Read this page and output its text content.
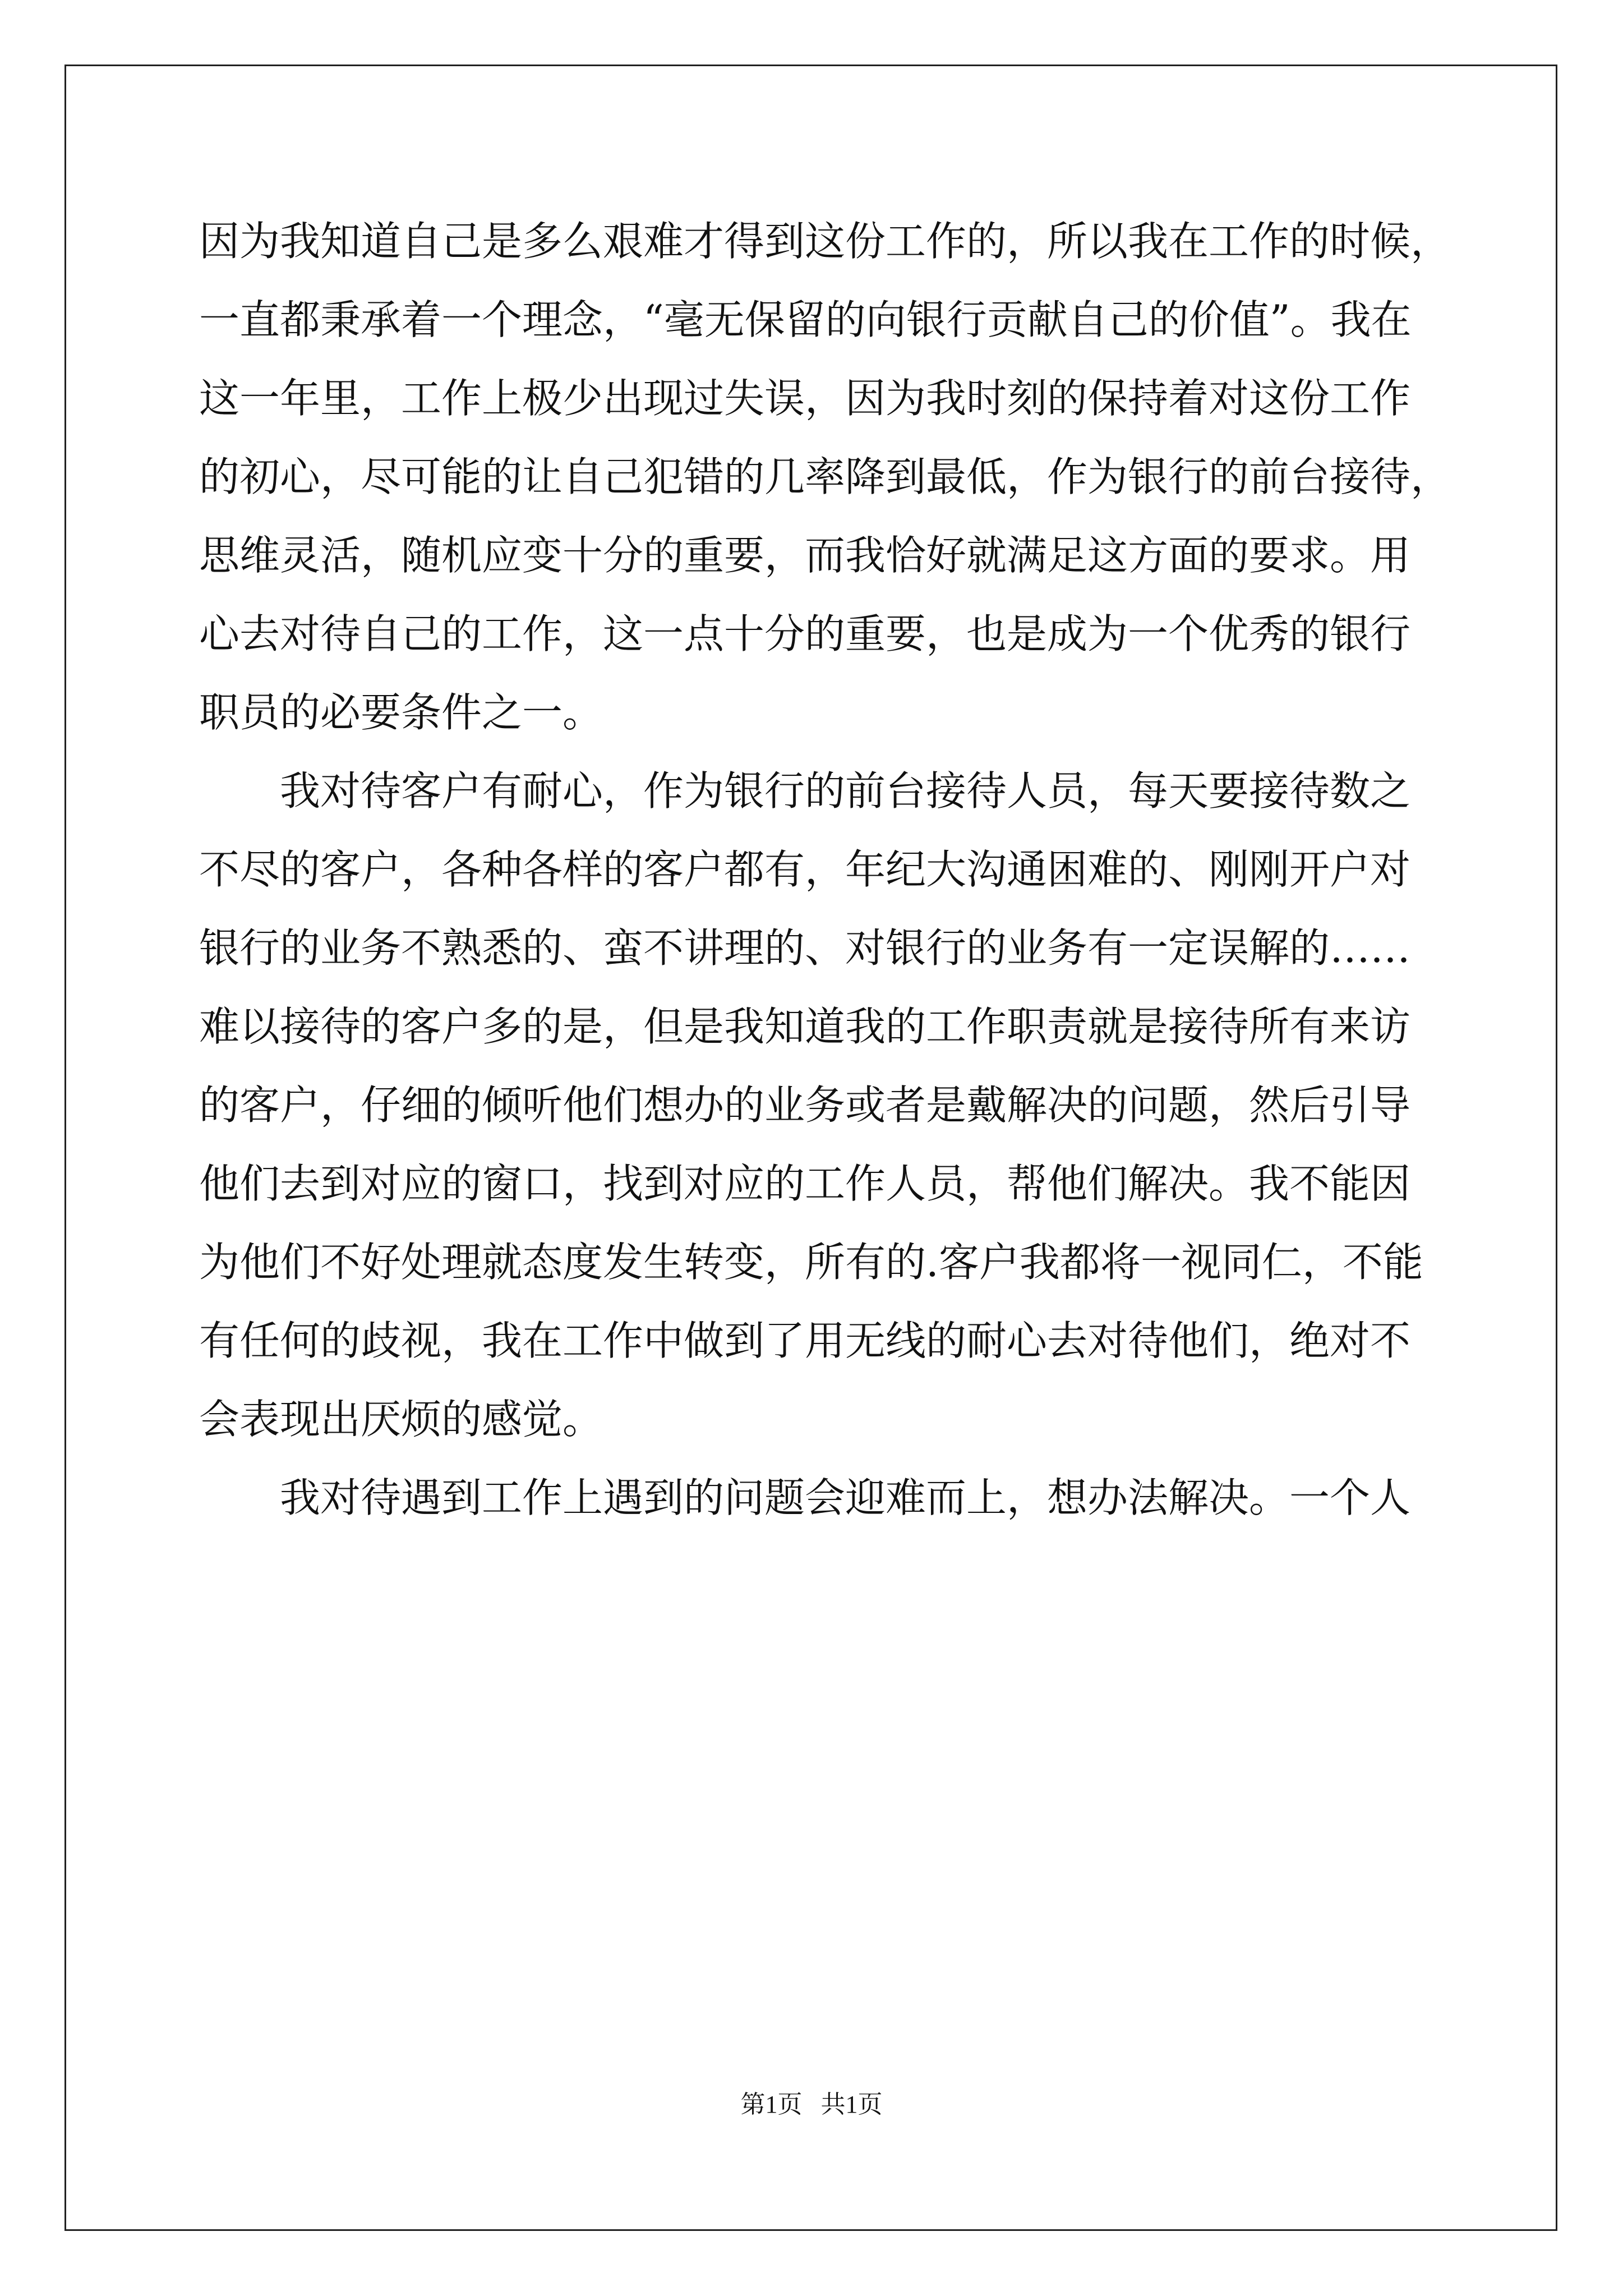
因为我知道自己是多么艰难才得到这份工作的，所以我在工作的时候，
一直都秉承着一个理念，“毫无保留的向银行贡献自己的价值”。我在
这一年里，工作上极少出现过失误，因为我时刻的保持着对这份工作
的初心，尽可能的让自己犯错的几率降到最低，作为银行的前台接待，
思维灵活，随机应变十分的重要，而我恰好就满足这方面的要求。用
心去对待自己的工作，这一点十分的重要，也是成为一个优秀的银行
职员的必要条件之一。
我对待客户有耐心，作为银行的前台接待人员，每天要接待数之
不尽的客户，各种各样的客户都有，年纪大沟通困难的、刚刚开户对
银行的业务不熟悉的、蛮不讲理的、对银行的业务有一定误解的……
难以接待的客户多的是，但是我知道我的工作职责就是接待所有来访
的客户，仔细的倾听他们想办的业务或者是戴解决的问题，然后引导
他们去到对应的窗口，找到对应的工作人员，帮他们解决。我不能因
为他们不好处理就态度发生转变，所有的.客户我都将一视同仁，不能
有任何的歧视，我在工作中做到了用无线的耐心去对待他们，绝对不
会表现出厌烦的感觉。
我对待遇到工作上遇到的问题会迎难而上，想办法解决。一个人
第1页   共1页
